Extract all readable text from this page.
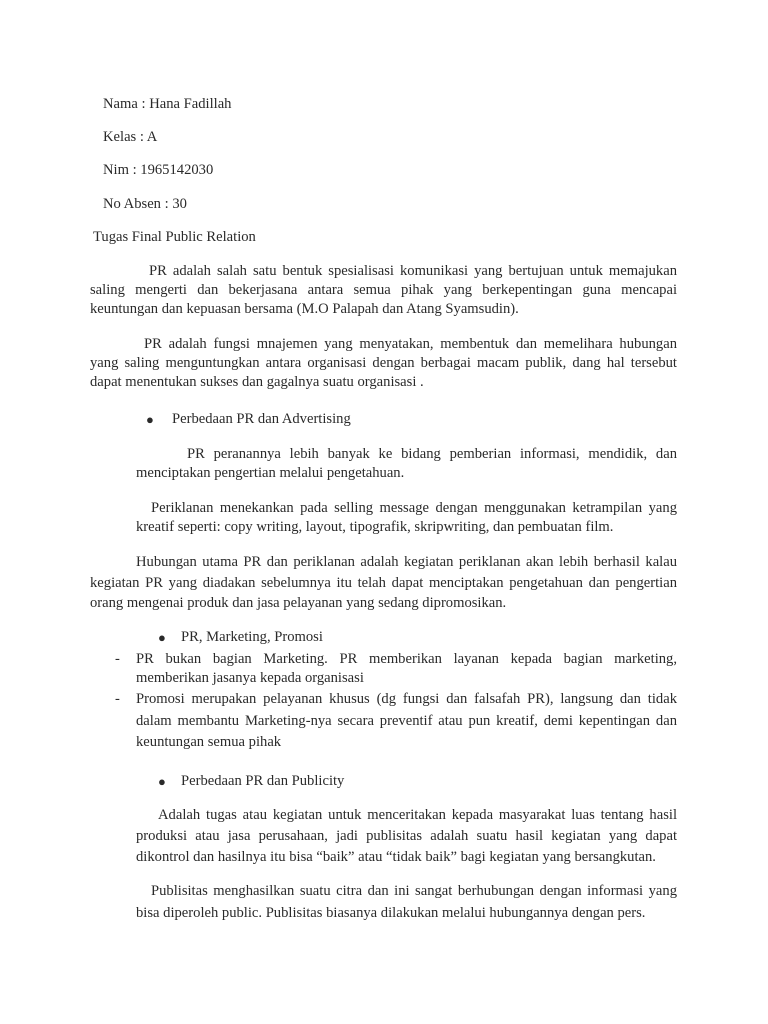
Nama : Hana Fadillah
Kelas : A
Nim : 1965142030
No Absen : 30
Tugas Final Public Relation
PR adalah salah satu bentuk spesialisasi komunikasi yang bertujuan untuk memajukan
saling mengerti dan bekerjasana antara semua pihak yang berkepentingan guna mencapai
keuntungan dan kepuasan bersama (M.O Palapah dan Atang Syamsudin).
PR adalah fungsi mnajemen yang menyatakan, membentuk dan memelihara hubungan
yang saling menguntungkan antara organisasi dengan berbagai macam publik, dang hal tersebut
dapat menentukan sukses dan gagalnya suatu organisasi .
● Perbedaan PR dan Advertising
PR peranannya lebih banyak ke bidang pemberian informasi, mendidik, dan
menciptakan pengertian melalui pengetahuan.
Periklanan menekankan pada selling message dengan menggunakan ketrampilan yang
kreatif seperti: copy writing, layout, tipografik, skripwriting, dan pembuatan film.
Hubungan utama PR dan periklanan adalah kegiatan periklanan akan lebih berhasil kalau
kegiatan PR yang diadakan sebelumnya itu telah dapat menciptakan pengetahuan dan pengertian
orang mengenai produk dan jasa pelayanan yang sedang dipromosikan.
● PR, Marketing, Promosi
- PR bukan bagian Marketing. PR memberikan layanan kepada bagian marketing,
memberikan jasanya kepada organisasi
- Promosi merupakan pelayanan khusus (dg fungsi dan falsafah PR), langsung dan tidak
dalam membantu Marketing-nya secara preventif atau pun kreatif, demi kepentingan dan
keuntungan semua pihak
● Perbedaan PR dan Publicity
Adalah tugas atau kegiatan untuk menceritakan kepada masyarakat luas tentang hasil
produksi atau jasa perusahaan, jadi publisitas adalah suatu hasil kegiatan yang dapat
dikontrol dan hasilnya itu bisa “baik” atau “tidak baik” bagi kegiatan yang bersangkutan.
Publisitas menghasilkan suatu citra dan ini sangat berhubungan dengan informasi yang
bisa diperoleh public. Publisitas biasanya dilakukan melalui hubungannya dengan pers.
